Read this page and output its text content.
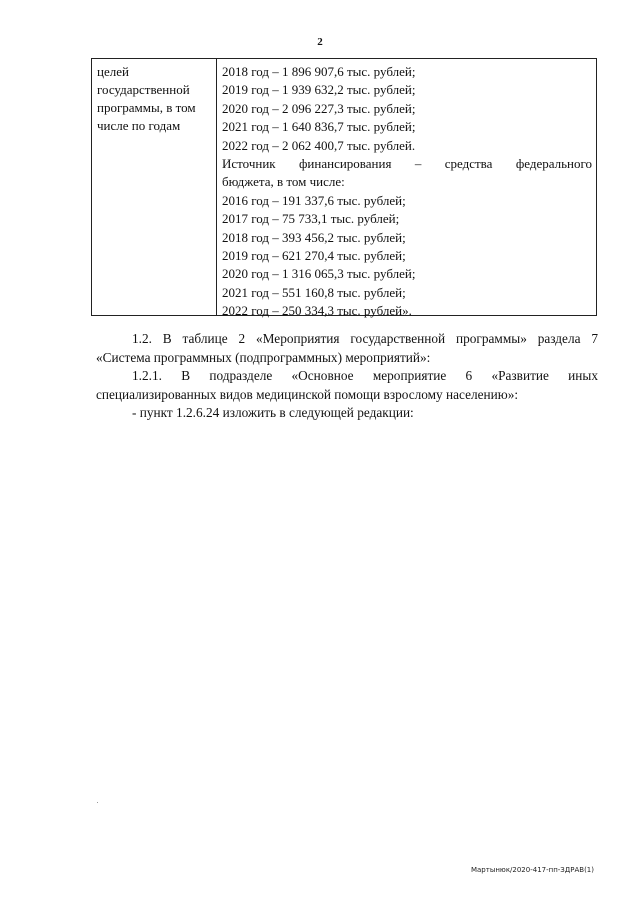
2
целей
государственной
программы, в том
числе по годам
2018 год – 1 896 907,6 тыс. рублей;
2019 год – 1 939 632,2 тыс. рублей;
2020 год – 2 096 227,3 тыс. рублей;
2021 год – 1 640 836,7 тыс. рублей;
2022 год – 2 062 400,7 тыс. рублей.
Источник финансирования – средства федерального
бюджета, в том числе:
2016 год – 191 337,6 тыс. рублей;
2017 год – 75 733,1 тыс. рублей;
2018 год – 393 456,2 тыс. рублей;
2019 год – 621 270,4 тыс. рублей;
2020 год – 1 316 065,3 тыс. рублей;
2021 год – 551 160,8 тыс. рублей;
2022 год – 250 334,3 тыс. рублей».
1.2. В таблице 2 «Мероприятия государственной программы» раздела 7
«Система программных (подпрограммных) мероприятий»:
1.2.1. В подразделе «Основное мероприятие 6 «Развитие иных
специализированных видов медицинской помощи взрослому населению»:
- пункт 1.2.6.24 изложить в следующей редакции:
Мартынюк/2020-417-пп-ЗДРАВ(1)
